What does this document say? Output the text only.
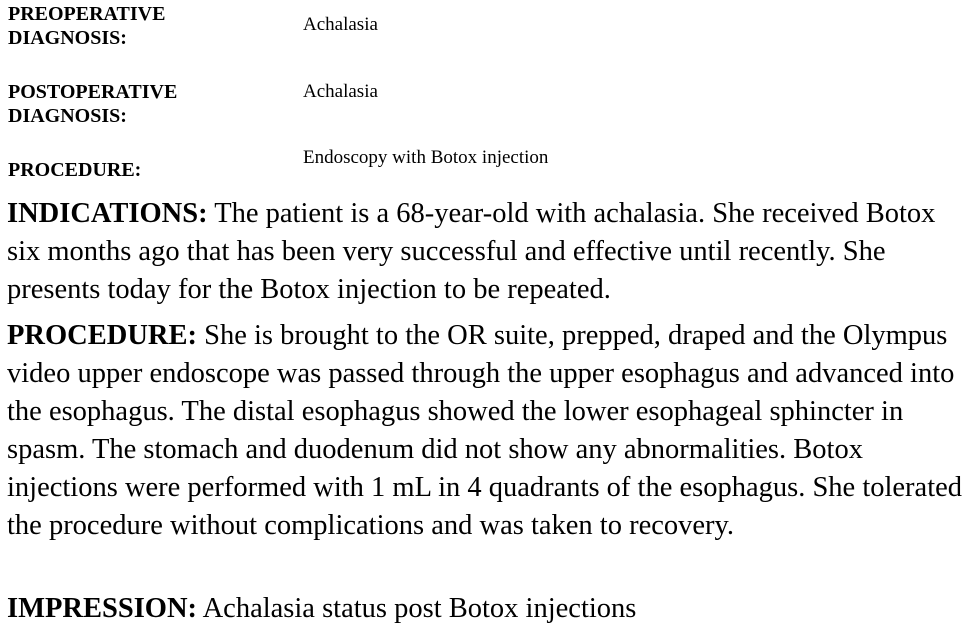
PREOPERATIVE
DIAGNOSIS:
Achalasia
POSTOPERATIVE
DIAGNOSIS:
Achalasia
PROCEDURE:
Endoscopy with Botox injection
INDICATIONS: The patient is a 68-year-old with achalasia. She received Botox six months ago that has been very successful and effective until recently. She presents today for the Botox injection to be repeated.
PROCEDURE: She is brought to the OR suite, prepped, draped and the Olympus video upper endoscope was passed through the upper esophagus and advanced into the esophagus. The distal esophagus showed the lower esophageal sphincter in spasm. The stomach and duodenum did not show any abnormalities. Botox injections were performed with 1 mL in 4 quadrants of the esophagus. She tolerated the procedure without complications and was taken to recovery.
IMPRESSION: Achalasia status post Botox injections
